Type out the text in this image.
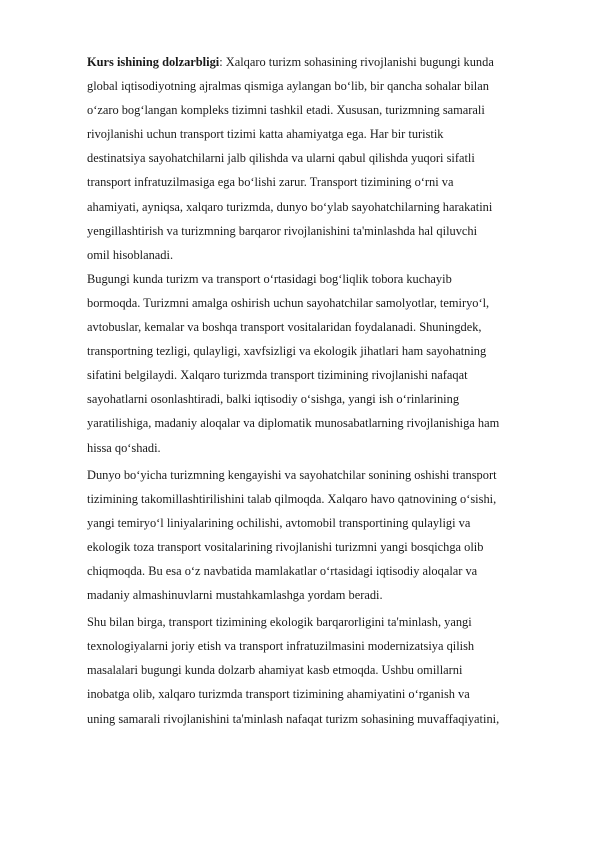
Kurs ishining dolzarbligi: Xalqaro turizm sohasining rivojlanishi bugungi kunda
global iqtisodiyotning ajralmas qismiga aylangan bo‘lib, bir qancha sohalar bilan
o‘zaro bog‘langan kompleks tizimni tashkil etadi. Xususan, turizmning samarali
rivojlanishi uchun transport tizimi katta ahamiyatga ega. Har bir turistik
destinatsiya sayohatchilarni jalb qilishda va ularni qabul qilishda yuqori sifatli
transport infratuzilmasiga ega bo‘lishi zarur. Transport tizimining o‘rni va
ahamiyati, ayniqsa, xalqaro turizmda, dunyo bo‘ylab sayohatchilarning harakatini
yengillashtirish va turizmning barqaror rivojlanishini ta'minlashda hal qiluvchi
omil hisoblanadi.
Bugungi kunda turizm va transport o‘rtasidagi bog‘liqlik tobora kuchayib
bormoqda. Turizmni amalga oshirish uchun sayohatchilar samolyotlar, temiryo‘l,
avtobuslar, kemalar va boshqa transport vositalaridan foydalanadi. Shuningdek,
transportning tezligi, qulayligi, xavfsizligi va ekologik jihatlari ham sayohatning
sifatini belgilaydi. Xalqaro turizmda transport tizimining rivojlanishi nafaqat
sayohatlarni osonlashtiradi, balki iqtisodiy o‘sishga, yangi ish o‘rinlarining
yaratilishiga, madaniy aloqalar va diplomatik munosabatlarning rivojlanishiga ham
hissa qo‘shadi.
Dunyo bo‘yicha turizmning kengayishi va sayohatchilar sonining oshishi transport
tizimining takomillashtirilishini talab qilmoqda. Xalqaro havo qatnovining o‘sishi,
yangi temiryo‘l liniyalarining ochilishi, avtomobil transportining qulayligi va
ekologik toza transport vositalarining rivojlanishi turizmni yangi bosqichga olib
chiqmoqda. Bu esa o‘z navbatida mamlakatlar o‘rtasidagi iqtisodiy aloqalar va
madaniy almashinuvlarni mustahkamlashga yordam beradi.
Shu bilan birga, transport tizimining ekologik barqarorligini ta'minlash, yangi
texnologiyalarni joriy etish va transport infratuzilmasini modernizatsiya qilish
masalalari bugungi kunda dolzarb ahamiyat kasb etmoqda. Ushbu omillarni
inobatga olib, xalqaro turizmda transport tizimining ahamiyatini o‘rganish va
uning samarali rivojlanishini ta'minlash nafaqat turizm sohasining muvaffaqiyatini,
